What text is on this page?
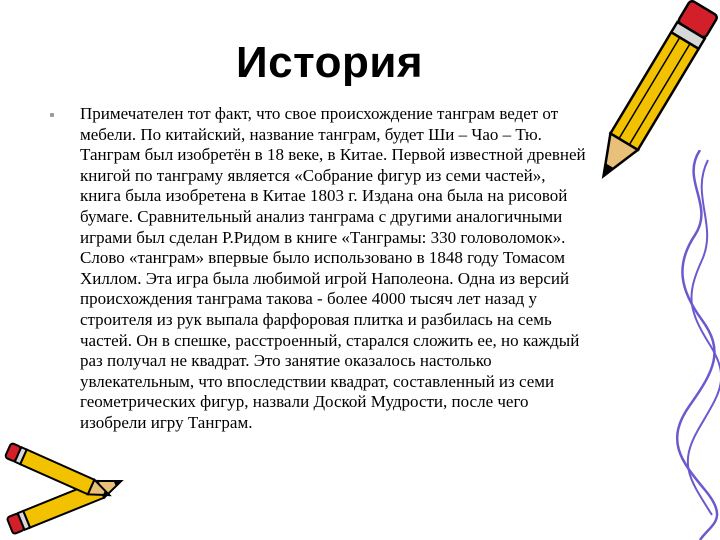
История

Примечателен тот факт, что свое происхождение танграм ведет от
мебели. По китайский, название танграм, будет Ши – Чао – Тю.
Танграм был изобретён в 18 веке, в Китае. Первой известной древней
книгой по танграму является «Собрание фигур из семи частей»,
книга была изобретена в Китае 1803 г. Издана она была на рисовой
бумаге. Сравнительный анализ танграма с другими аналогичными
играми был сделан Р.Ридом в книге «Танграмы: 330 головоломок».
Слово «танграм» впервые было использовано в 1848 году Томасом
Хиллом. Эта игра была любимой игрой Наполеона. Одна из версий
происхождения танграма такова - более 4000 тысяч лет назад у
строителя из рук выпала фарфоровая плитка и разбилась на семь
частей. Он в спешке, расстроенный, старался сложить ее, но каждый
раз получал не квадрат. Это занятие оказалось настолько
увлекательным, что впоследствии квадрат, составленный из семи
геометрических фигур, назвали Доской Мудрости, после чего
изобрели игру Танграм.
